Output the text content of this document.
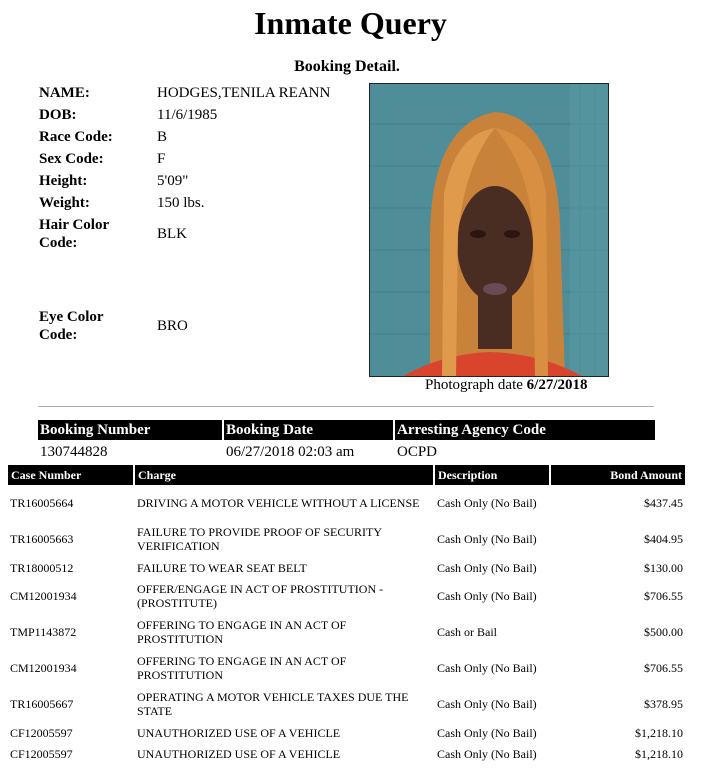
Inmate Query
Booking Detail.
NAME:	HODGES,TENILA REANN
DOB:	11/6/1985
Race Code:	B
Sex Code:	F
Height:	5'09"
Weight:	150 lbs.
Hair Color Code:
BLK
Eye Color Code:
BRO
Photograph date 6/27/2018
Booking Number	Booking Date	Arresting Agency Code
130744828	06/27/2018 02:03 am	OCPD
Case Number	Charge	Description	Bond Amount
TR16005664	DRIVING A MOTOR VEHICLE WITHOUT A LICENSE	Cash Only (No Bail)	$437.45
TR16005663	FAILURE TO PROVIDE PROOF OF SECURITY VERIFICATION	Cash Only (No Bail)	$404.95
TR18000512	FAILURE TO WEAR SEAT BELT	Cash Only (No Bail)	$130.00
CM12001934	OFFER/ENGAGE IN ACT OF PROSTITUTION - (PROSTITUTE)	Cash Only (No Bail)	$706.55
TMP1143872	OFFERING TO ENGAGE IN AN ACT OF PROSTITUTION	Cash or Bail	$500.00
CM12001934	OFFERING TO ENGAGE IN AN ACT OF PROSTITUTION	Cash Only (No Bail)	$706.55
TR16005667	OPERATING A MOTOR VEHICLE TAXES DUE THE STATE	Cash Only (No Bail)	$378.95
CF12005597	UNAUTHORIZED USE OF A VEHICLE	Cash Only (No Bail)	$1,218.10
CF12005597	UNAUTHORIZED USE OF A VEHICLE	Cash Only (No Bail)	$1,218.10
